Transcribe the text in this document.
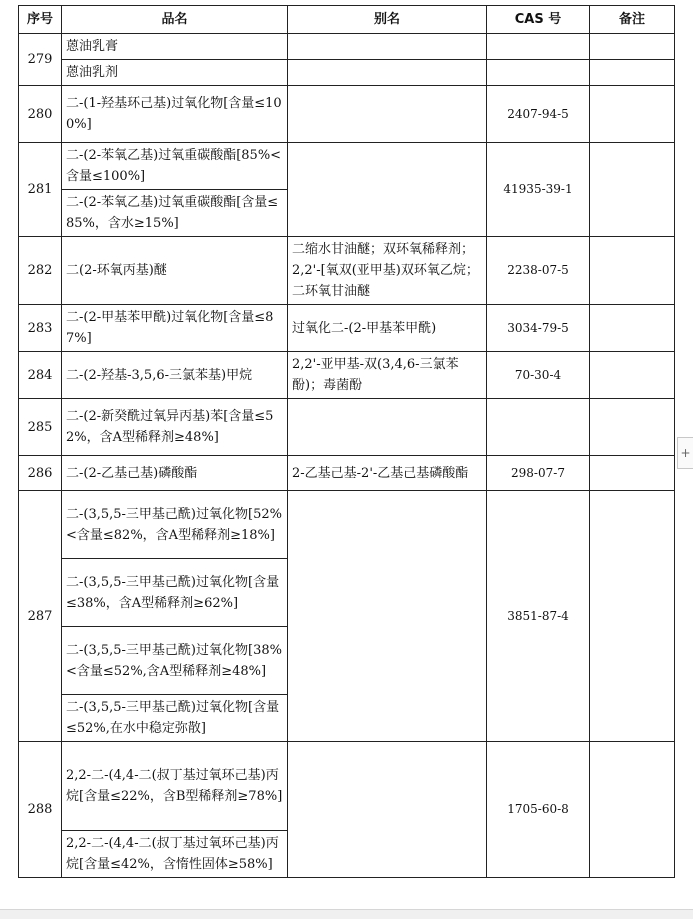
序号	品名	别名	CAS 号	备注
279	蒽油乳膏			
	蒽油乳剂			
280	二-(1-羟基环己基)过氧化物[含量≤100%]		2407-94-5	
281	二-(2-苯氧乙基)过氧重碳酸酯[85%<含量≤100%]		41935-39-1	
	二-(2-苯氧乙基)过氧重碳酸酯[含量≤85%，含水≥15%]			
282	二(2-环氧丙基)醚	二缩水甘油醚；双环氧稀释剂；2,2'-[氧双(亚甲基)双环氧乙烷；二环氧甘油醚	2238-07-5	
283	二-(2-甲基苯甲酰)过氧化物[含量≤87%]	过氧化二-(2-甲基苯甲酰)	3034-79-5	
284	二-(2-羟基-3,5,6-三氯苯基)甲烷	2,2'-亚甲基-双(3,4,6-三氯苯酚)；毒菌酚	70-30-4	
285	二-(2-新癸酰过氧异丙基)苯[含量≤52%，含A型稀释剂≥48%]			
286	二-(2-乙基己基)磷酸酯	2-乙基己基-2'-乙基己基磷酸酯	298-07-7	
287	二-(3,5,5-三甲基己酰)过氧化物[52%<含量≤82%，含A型稀释剂≥18%]		3851-87-4	
	二-(3,5,5-三甲基己酰)过氧化物[含量≤38%，含A型稀释剂≥62%]			
	二-(3,5,5-三甲基己酰)过氧化物[38%<含量≤52%,含A型稀释剂≥48%]			
	二-(3,5,5-三甲基己酰)过氧化物[含量≤52%,在水中稳定弥散]			
288	2,2-二-(4,4-二(叔丁基过氧环己基)丙烷[含量≤22%，含B型稀释剂≥78%]		1705-60-8	
	2,2-二-(4,4-二(叔丁基过氧环己基)丙烷[含量≤42%，含惰性固体≥58%]			
+
